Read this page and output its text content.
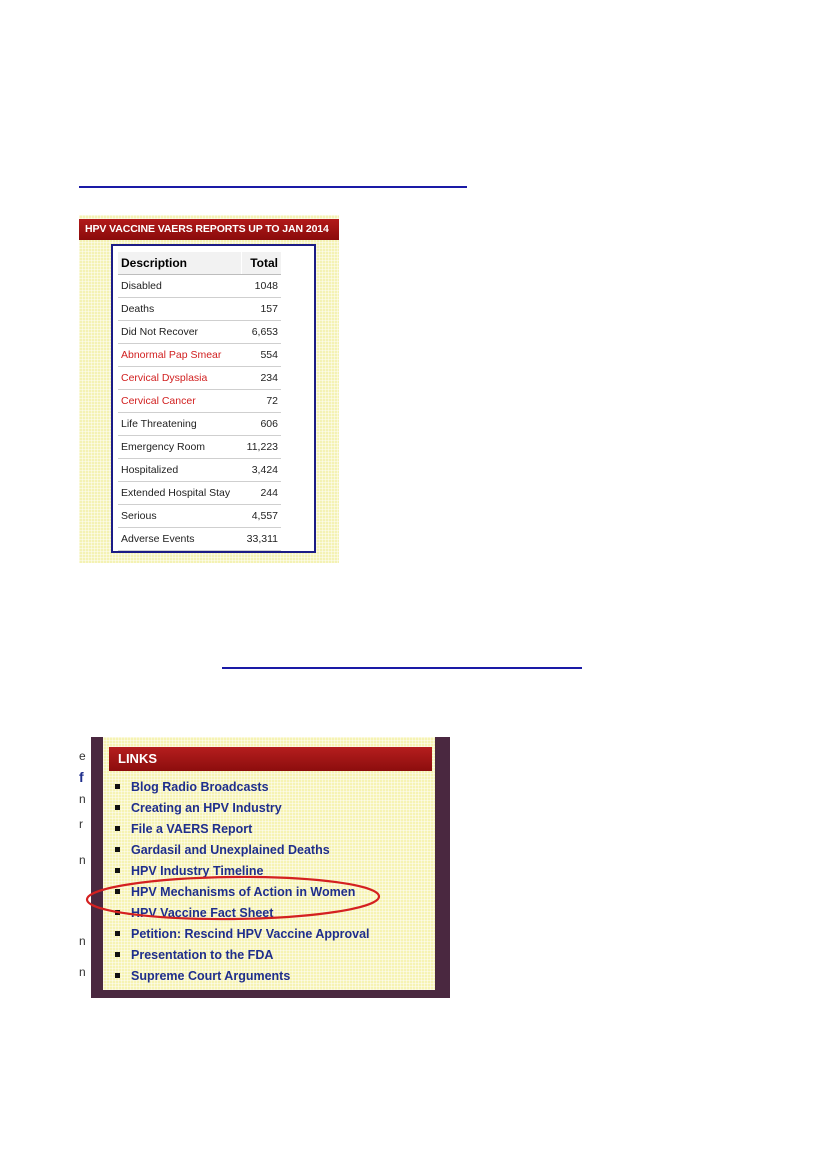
HPV VACCINE VAERS REPORTS UP TO JAN 2014
Description	Total
Disabled	1048
Deaths	157
Did Not Recover	6,653
Abnormal Pap Smear	554
Cervical Dysplasia	234
Cervical Cancer	72
Life Threatening	606
Emergency Room	11,223
Hospitalized	3,424
Extended Hospital Stay	244
Serious	4,557
Adverse Events	33,311
e
f
n
r
n
n
n
LINKS
Blog Radio Broadcasts
Creating an HPV Industry
File a VAERS Report
Gardasil and Unexplained Deaths
HPV Industry Timeline
HPV Mechanisms of Action in Women
HPV Vaccine Fact Sheet
Petition: Rescind HPV Vaccine Approval
Presentation to the FDA
Supreme Court Arguments
